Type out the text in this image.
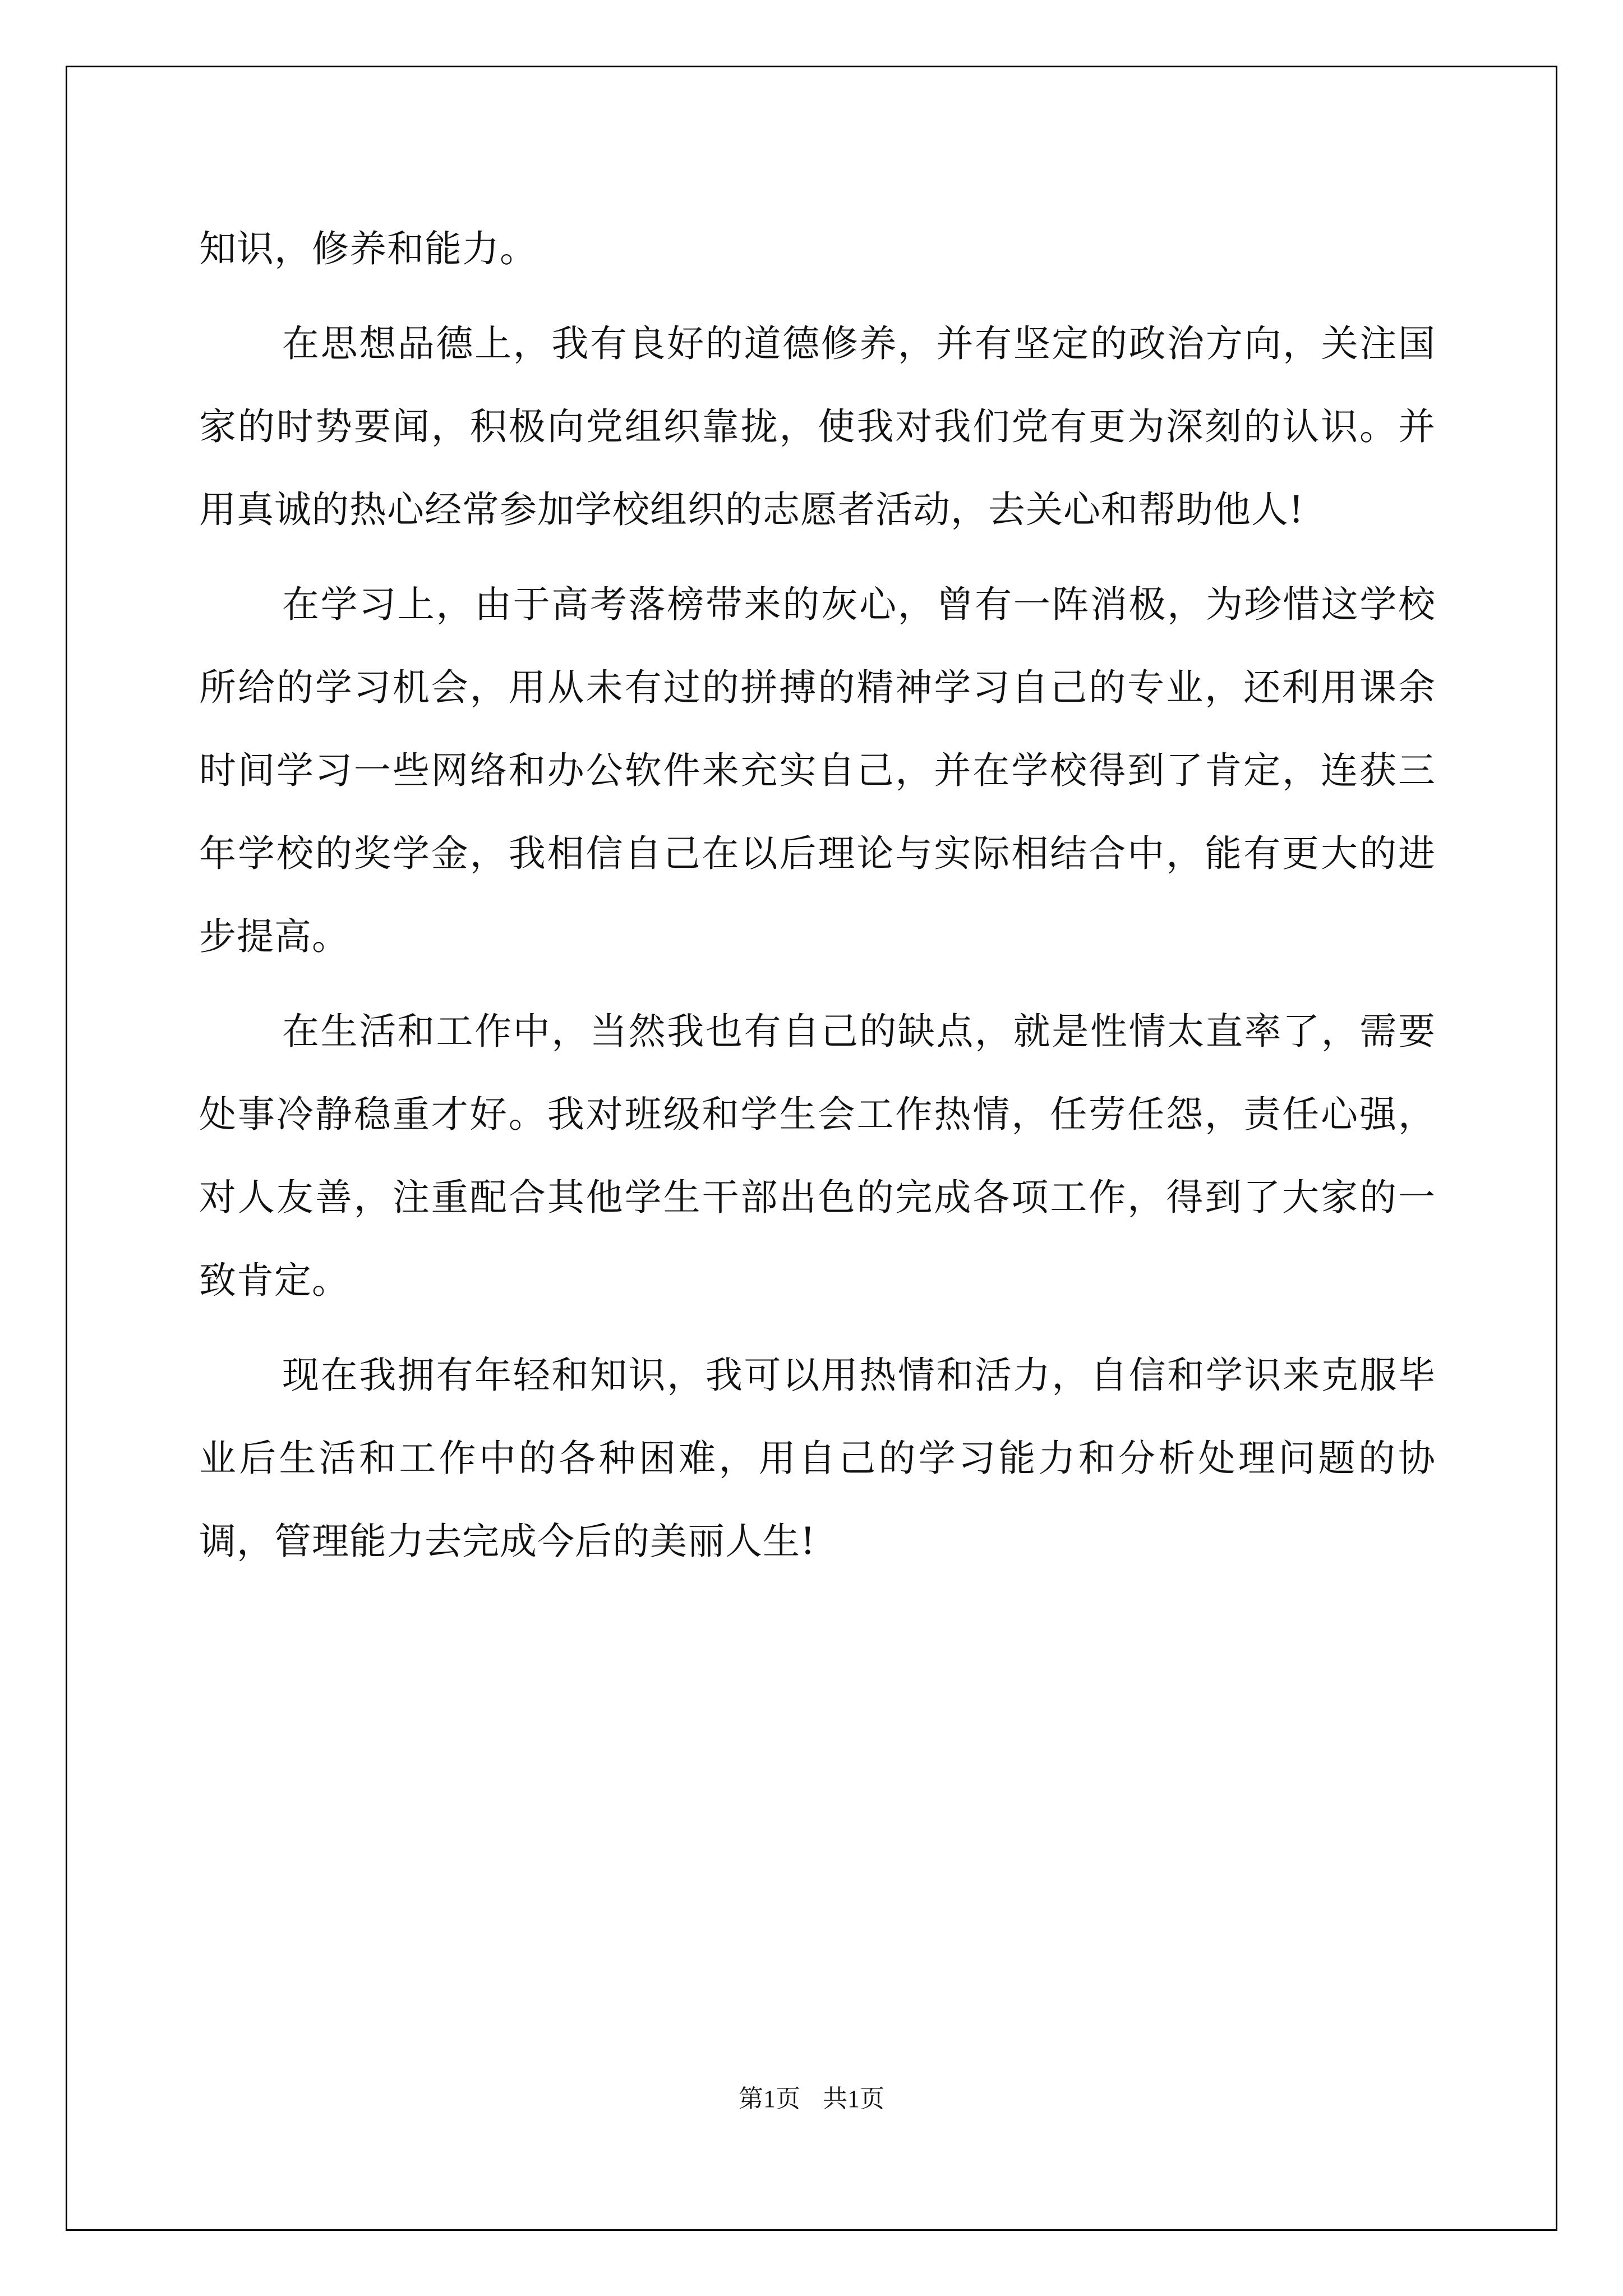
知识，修养和能力。

在思想品德上，我有良好的道德修养，并有坚定的政治方向，关注国家的时势要闻，积极向党组织靠拢，使我对我们党有更为深刻的认识。并用真诚的热心经常参加学校组织的志愿者活动，去关心和帮助他人!

在学习上，由于高考落榜带来的灰心，曾有一阵消极，为珍惜这学校所给的学习机会，用从未有过的拼搏的精神学习自己的专业，还利用课余时间学习一些网络和办公软件来充实自己，并在学校得到了肯定，连获三年学校的奖学金，我相信自己在以后理论与实际相结合中，能有更大的进步提高。

在生活和工作中，当然我也有自己的缺点，就是性情太直率了，需要处事冷静稳重才好。我对班级和学生会工作热情，任劳任怨，责任心强，对人友善，注重配合其他学生干部出色的完成各项工作，得到了大家的一致肯定。

现在我拥有年轻和知识，我可以用热情和活力，自信和学识来克服毕业后生活和工作中的各种困难，用自己的学习能力和分析处理问题的协调，管理能力去完成今后的美丽人生!

第1页 共1页
